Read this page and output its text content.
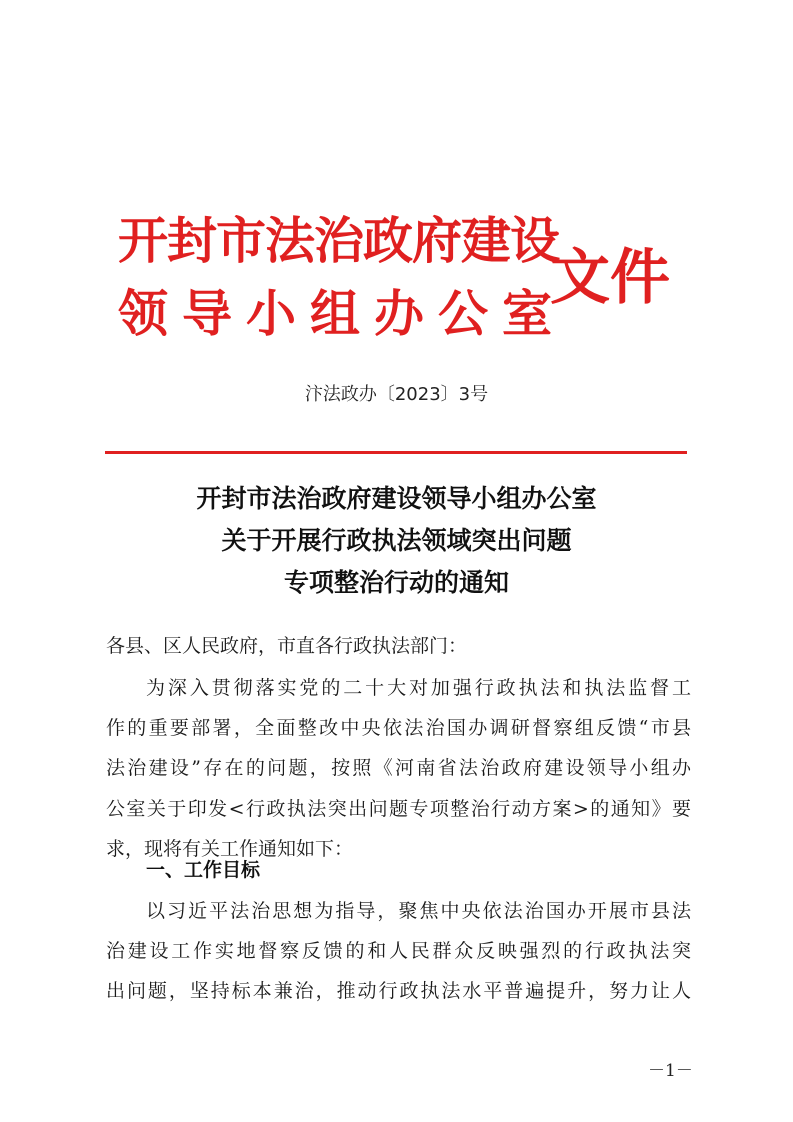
开封市法治政府建设
领导小组办公室
文件
汴法政办〔2023〕3号
开封市法治政府建设领导小组办公室
关于开展行政执法领域突出问题
专项整治行动的通知
各县、区人民政府，市直各行政执法部门：
为深入贯彻落实党的二十大对加强行政执法和执法监督工
作的重要部署，全面整改中央依法治国办调研督察组反馈“市县
法治建设”存在的问题，按照《河南省法治政府建设领导小组办
公室关于印发<行政执法突出问题专项整治行动方案>的通知》要
求，现将有关工作通知如下：
一、工作目标
以习近平法治思想为指导，聚焦中央依法治国办开展市县法
治建设工作实地督察反馈的和人民群众反映强烈的行政执法突
出问题，坚持标本兼治，推动行政执法水平普遍提升，努力让人
－1－
